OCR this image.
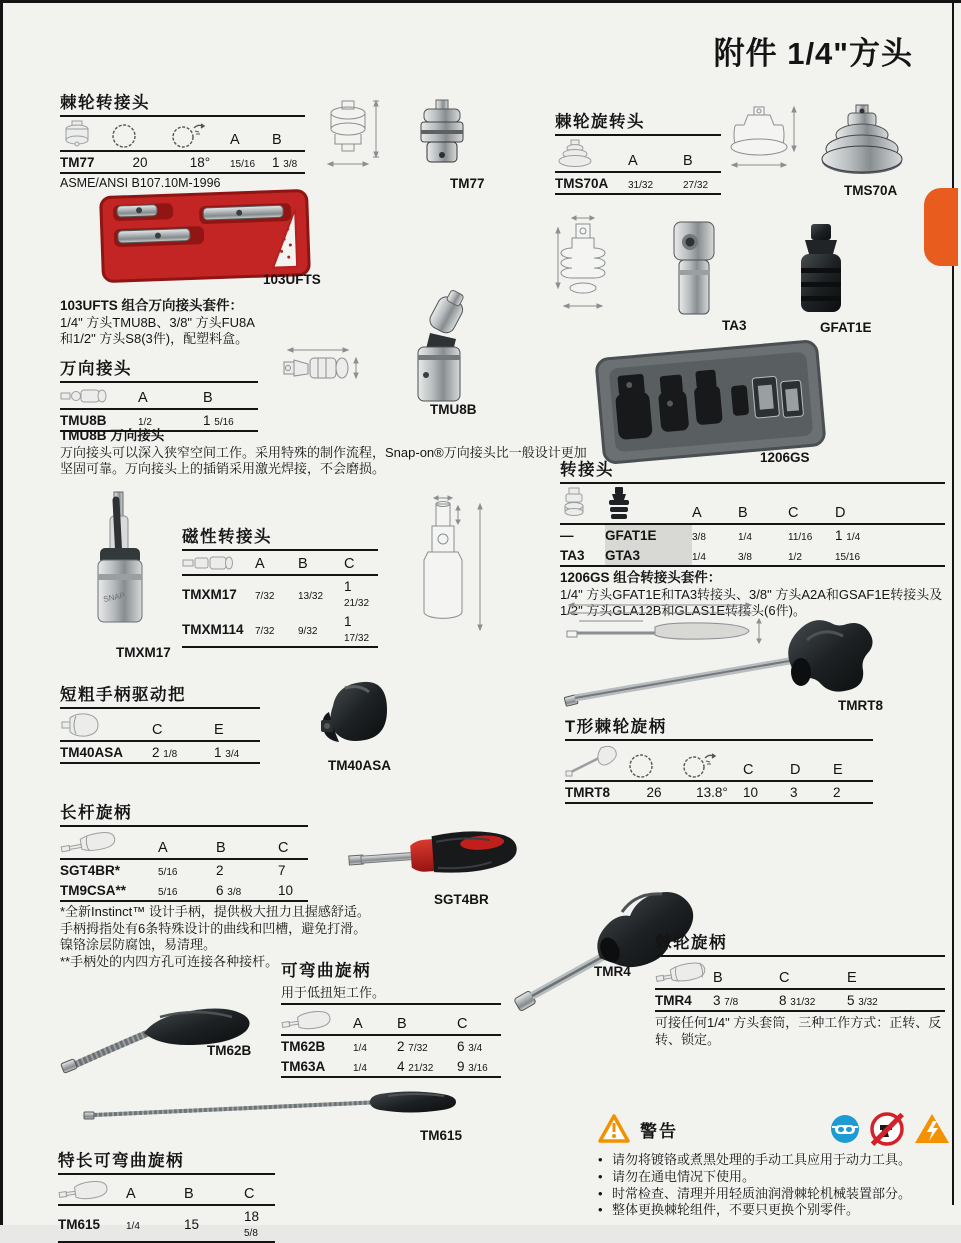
附件 1/4"方头
棘轮转接头

	A	B
TM77	20	18°	15/16	1 3/8
ASME/ANSI B107.10M-1996	TM77
103UFTS
103UFTS 组合万向接头套件：
1/4" 方头TMU8B、3/8" 方头FU8A
和1/2" 方头S8(3件)，配塑料盒。
万向接头
	A	B
TMU8B	1/2	1 5/16
TMU8B
TMU8B 万向接头
万向接头可以深入狭窄空间工作。采用特殊的制作流程，Snap-on®万向接头比一般设计更加坚固可靠。万向接头上的插销采用激光焊接，不会磨损。
SNAP
TMXM17
磁性转接头
	A	B	C
TMXM17	7/32	13/32	1 21/32
TMXM114	7/32	9/32	1 17/32
短粗手柄驱动把
	C	E
TM40ASA	2 1/8	1 3/4
TM40ASA
长杆旋柄
	A	B	C
SGT4BR*	5/16	2	7
TM9CSA**	5/16	6 3/8	10
*全新Instinct™ 设计手柄，提供极大扭力且握感舒适。手柄拇指处有6条特殊设计的曲线和凹槽，避免打滑。镍铬涂层防腐蚀，易清理。
**手柄处的内四方孔可连接各种接杆。
SGT4BR
TM62B
可弯曲旋柄
用于低扭矩工作。
	A	B	C
TM62B	1/4	2 7/32	6 3/4
TM63A	1/4	4 21/32	9 3/16
TM615
特长可弯曲旋柄
	A	B	C
TM615	1/4	15	18 5/8
棘轮旋转头
	A	B
TMS70A	31/32	27/32	TMS70A
TA3	GFAT1E
1206GS
转接头

	A	B	C	D
—	GFAT1E	3/8	1/4	11/16	1 1/4
TA3	GTA3	1/4	3/8	1/2	15/16
1206GS 组合转接头套件：
1/4" 方头GFAT1E和TA3转接头、3/8" 方头A2A和GSAF1E转接头及1/2" 方头GLA12B和GLAS1E转接头(6件)。
TMRT8
T形棘轮旋柄

	C	D	E
TMRT8	26	13.8°	10	3	2
TMR4
棘轮旋柄
	B	C	E
TMR4	3 7/8	8 31/32	5 3/32
可接任何1/4" 方头套筒，三种工作方式：正转、反转、锁定。
警告
• 请勿将镀铬或煮黑处理的手动工具应用于动力工具。
• 请勿在通电情况下使用。
• 时常检查、清理并用轻质油润滑棘轮机械装置部分。
• 整体更换棘轮组件，不要只更换个别零件。
